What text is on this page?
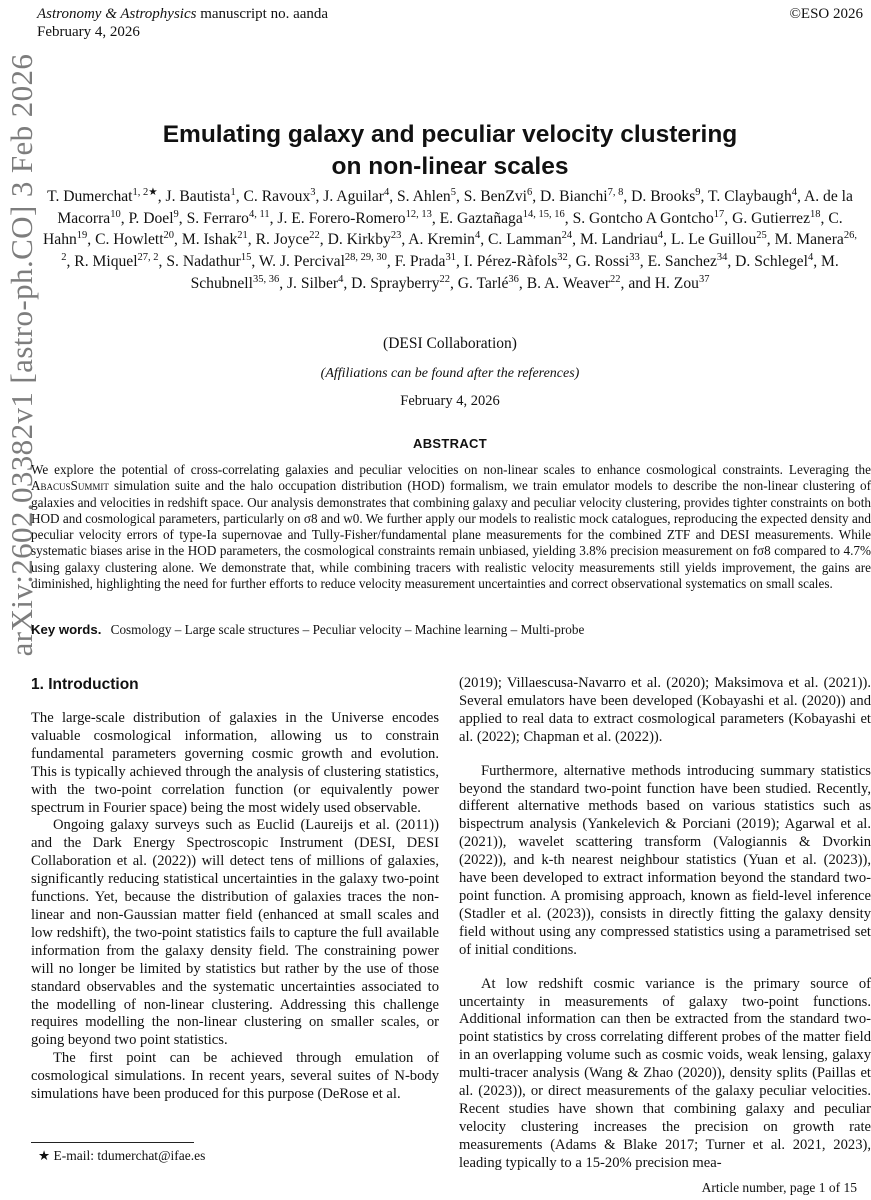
Astronomy & Astrophysics manuscript no. aanda
February 4, 2026
©ESO 2026
arXiv:2602.03382v1 [astro-ph.CO] 3 Feb 2026	Emulating galaxy and peculiar velocity clustering
on non-linear scales
T. Dumerchat$^{1, 2★}$, J. Bautista$^1$, C. Ravoux$^3$, J. Aguilar$^4$, S. Ahlen$^5$, S. BenZvi$^6$, D. Bianchi$^{7, 8}$, D. Brooks$^9$, T. Claybaugh$^4$, A. de la Macorra$^{10}$, P. Doel$^9$, S. Ferraro$^{4, 11}$, J. E. Forero-Romero$^{12, 13}$, E. Gaztañaga$^{14, 15, 16}$, S. Gontcho A Gontcho$^{17}$, G. Gutierrez$^{18}$, C. Hahn$^{19}$, C. Howlett$^{20}$, M. Ishak$^{21}$, R. Joyce$^{22}$, D. Kirkby$^{23}$, A. Kremin$^4$, C. Lamman$^{24}$, M. Landriau$^4$, L. Le Guillou$^{25}$, M. Manera$^{26, 2}$, R. Miquel$^{27, 2}$, S. Nadathur$^{15}$, W. J. Percival$^{28, 29, 30}$, F. Prada$^{31}$, I. Pérez-Ràfols$^{32}$, G. Rossi$^{33}$, E. Sanchez$^{34}$, D. Schlegel$^4$, M. Schubnell$^{35, 36}$, J. Silber$^4$, D. Sprayberry$^{22}$, G. Tarlé$^{36}$, B. A. Weaver$^{22}$, and H. Zou$^{37}$
(DESI Collaboration)
(Affiliations can be found after the references)
February 4, 2026
ABSTRACT
We explore the potential of cross-correlating galaxies and peculiar velocities on non-linear scales to enhance cosmological constraints. Leveraging the AbacusSummit simulation suite and the halo occupation distribution (HOD) formalism, we train emulator models to describe the non-linear clustering of galaxies and velocities in redshift space. Our analysis demonstrates that combining galaxy and peculiar velocity clustering, provides tighter constraints on both HOD and cosmological parameters, particularly on σ8 and w0. We further apply our models to realistic mock catalogues, reproducing the expected density and peculiar velocity errors of type-Ia supernovae and Tully-Fisher/fundamental plane measurements for the combined ZTF and DESI measurements. While systematic biases arise in the HOD parameters, the cosmological constraints remain unbiased, yielding 3.8% precision measurement on fσ8 compared to 4.7% using galaxy clustering alone. We demonstrate that, while combining tracers with realistic velocity measurements still yields improvement, the gains are diminished, highlighting the need for further efforts to reduce velocity measurement uncertainties and correct observational systematics on small scales.
Key words. Cosmology – Large scale structures – Peculiar velocity – Machine learning – Multi-probe
1. Introduction

The large-scale distribution of galaxies in the Universe encodes valuable cosmological information, allowing us to constrain fundamental parameters governing cosmic growth and evolution. This is typically achieved through the analysis of clustering statistics, with the two-point correlation function (or equivalently power spectrum in Fourier space) being the most widely used observable.

Ongoing galaxy surveys such as Euclid (Laureijs et al. (2011)) and the Dark Energy Spectroscopic Instrument (DESI, DESI Collaboration et al. (2022)) will detect tens of millions of galaxies, significantly reducing statistical uncertainties in the galaxy two-point functions. Yet, because the distribution of galaxies traces the non-linear and non-Gaussian matter field (enhanced at small scales and low redshift), the two-point statistics fails to capture the full available information from the galaxy density field. The constraining power will no longer be limited by statistics but rather by the use of those standard observables and the systematic uncertainties associated to the modelling of non-linear clustering. Addressing this challenge requires modelling the non-linear clustering on smaller scales, or going beyond two point statistics.

The first point can be achieved through emulation of cosmological simulations. In recent years, several suites of N-body simulations have been produced for this purpose (DeRose et al.

(2019); Villaescusa-Navarro et al. (2020); Maksimova et al. (2021)). Several emulators have been developed (Kobayashi et al. (2020)) and applied to real data to extract cosmological parameters (Kobayashi et al. (2022); Chapman et al. (2022)).

Furthermore, alternative methods introducing summary statistics beyond the standard two-point function have been studied. Recently, different alternative methods based on various statistics such as bispectrum analysis (Yankelevich & Porciani (2019); Agarwal et al. (2021)), wavelet scattering transform (Valogiannis & Dvorkin (2022)), and k-th nearest neighbour statistics (Yuan et al. (2023)), have been developed to extract information beyond the standard two-point function. A promising approach, known as field-level inference (Stadler et al. (2023)), consists in directly fitting the galaxy density field without using any compressed statistics using a parametrised set of initial conditions.

At low redshift cosmic variance is the primary source of uncertainty in measurements of galaxy two-point functions. Additional information can then be extracted from the standard two-point statistics by cross correlating different probes of the matter field in an overlapping volume such as cosmic voids, weak lensing, galaxy multi-tracer analysis (Wang & Zhao (2020)), density splits (Paillas et al. (2023)), or direct measurements of the galaxy peculiar velocities. Recent studies have shown that combining galaxy and peculiar velocity clustering increases the precision on growth rate measurements (Adams & Blake 2017; Turner et al. 2021, 2023), leading typically to a 15-20% precision mea-

★ E-mail: tdumerchat@ifae.es
Article number, page 1 of 15
